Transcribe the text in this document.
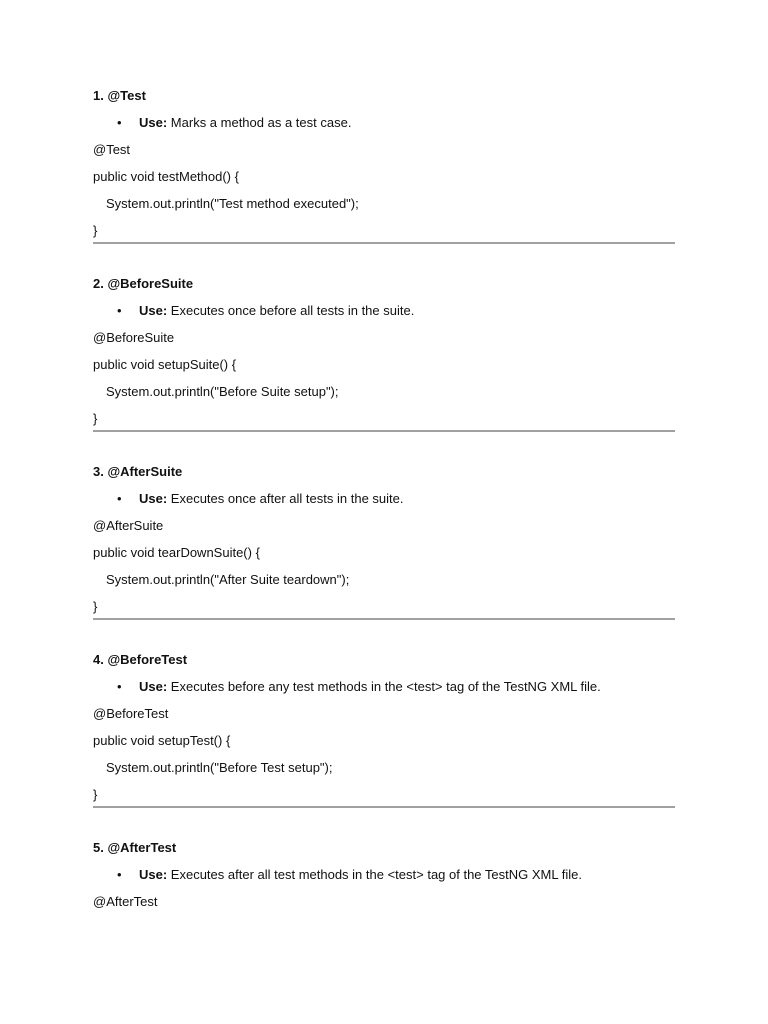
1. @Test
• Use: Marks a method as a test case.
@Test
public void testMethod() {
System.out.println("Test method executed");
}
2. @BeforeSuite
• Use: Executes once before all tests in the suite.
@BeforeSuite
public void setupSuite() {
System.out.println("Before Suite setup");
}
3. @AfterSuite
• Use: Executes once after all tests in the suite.
@AfterSuite
public void tearDownSuite() {
System.out.println("After Suite teardown");
}
4. @BeforeTest
• Use: Executes before any test methods in the <test> tag of the TestNG XML file.
@BeforeTest
public void setupTest() {
System.out.println("Before Test setup");
}
5. @AfterTest
• Use: Executes after all test methods in the <test> tag of the TestNG XML file.
@AfterTest
